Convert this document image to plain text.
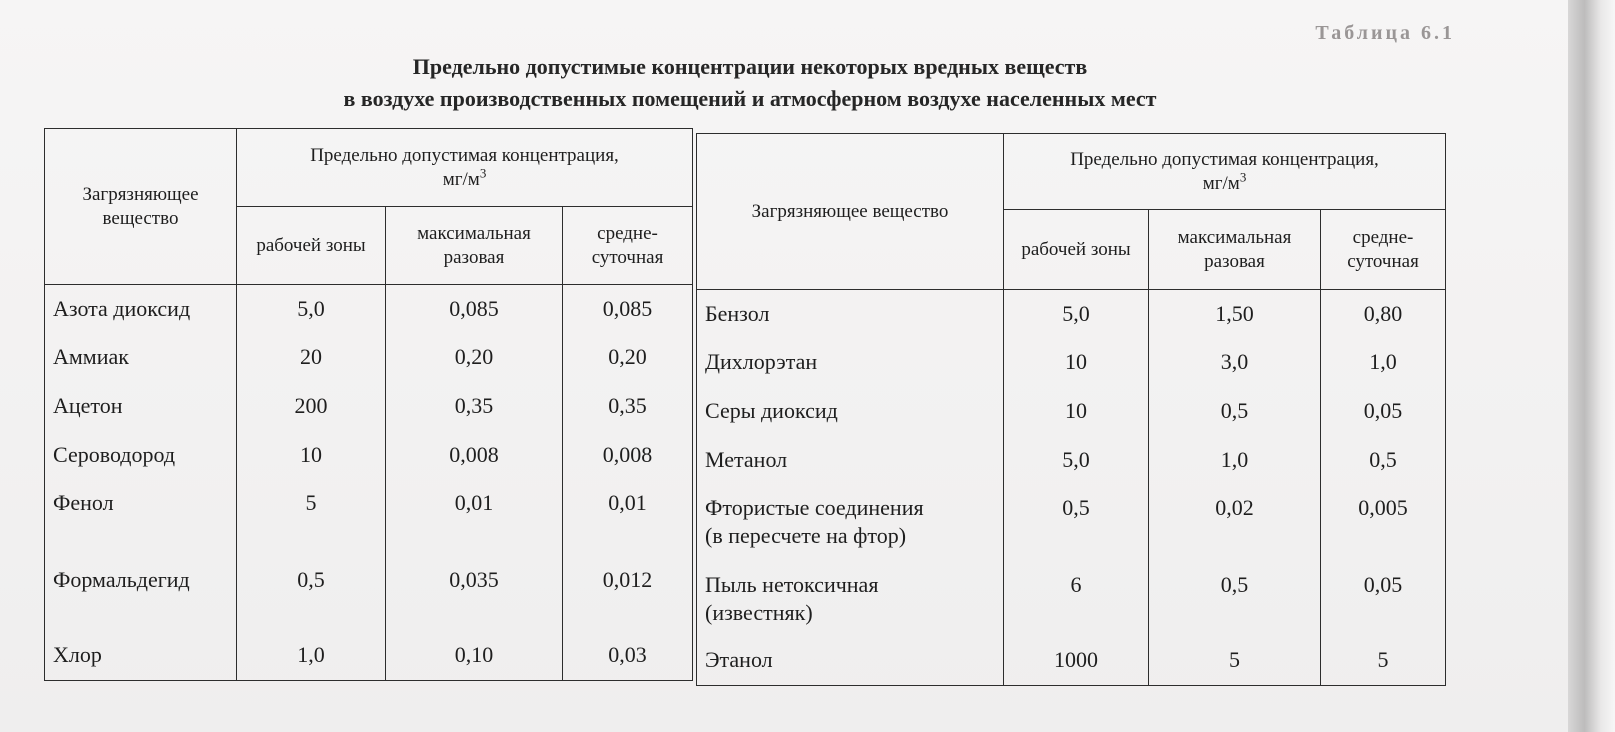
Таблица 6.1
Предельно допустимые концентрации некоторых вредных веществ
в воздухе производственных помещений и атмосферном воздухе населенных мест
Загрязняющее вещество	Предельно допустимая концентрация,
$мг/м^3$
	рабочей зоны	максимальная разовая	средне-суточная
Азота диоксид	5,0	0,085	0,085
Аммиак	20	0,20	0,20
Ацетон	200	0,35	0,35
Сероводород	10	0,008	0,008
Фенол	5	0,01	0,01
Формальдегид	0,5	0,035	0,012
Хлор	1,0	0,10	0,03
Загрязняющее вещество	Предельно допустимая концентрация,
$мг/м^3$
	рабочей зоны	максимальная разовая	средне-суточная
Бензол	5,0	1,50	0,80
Дихлорэтан	10	3,0	1,0
Серы диоксид	10	0,5	0,05
Метанол	5,0	1,0	0,5
Фтористые соединения
(в пересчете на фтор)	0,5	0,02	0,005
Пыль нетоксичная
(известняк)	6	0,5	0,05
Этанол	1000	5	5
